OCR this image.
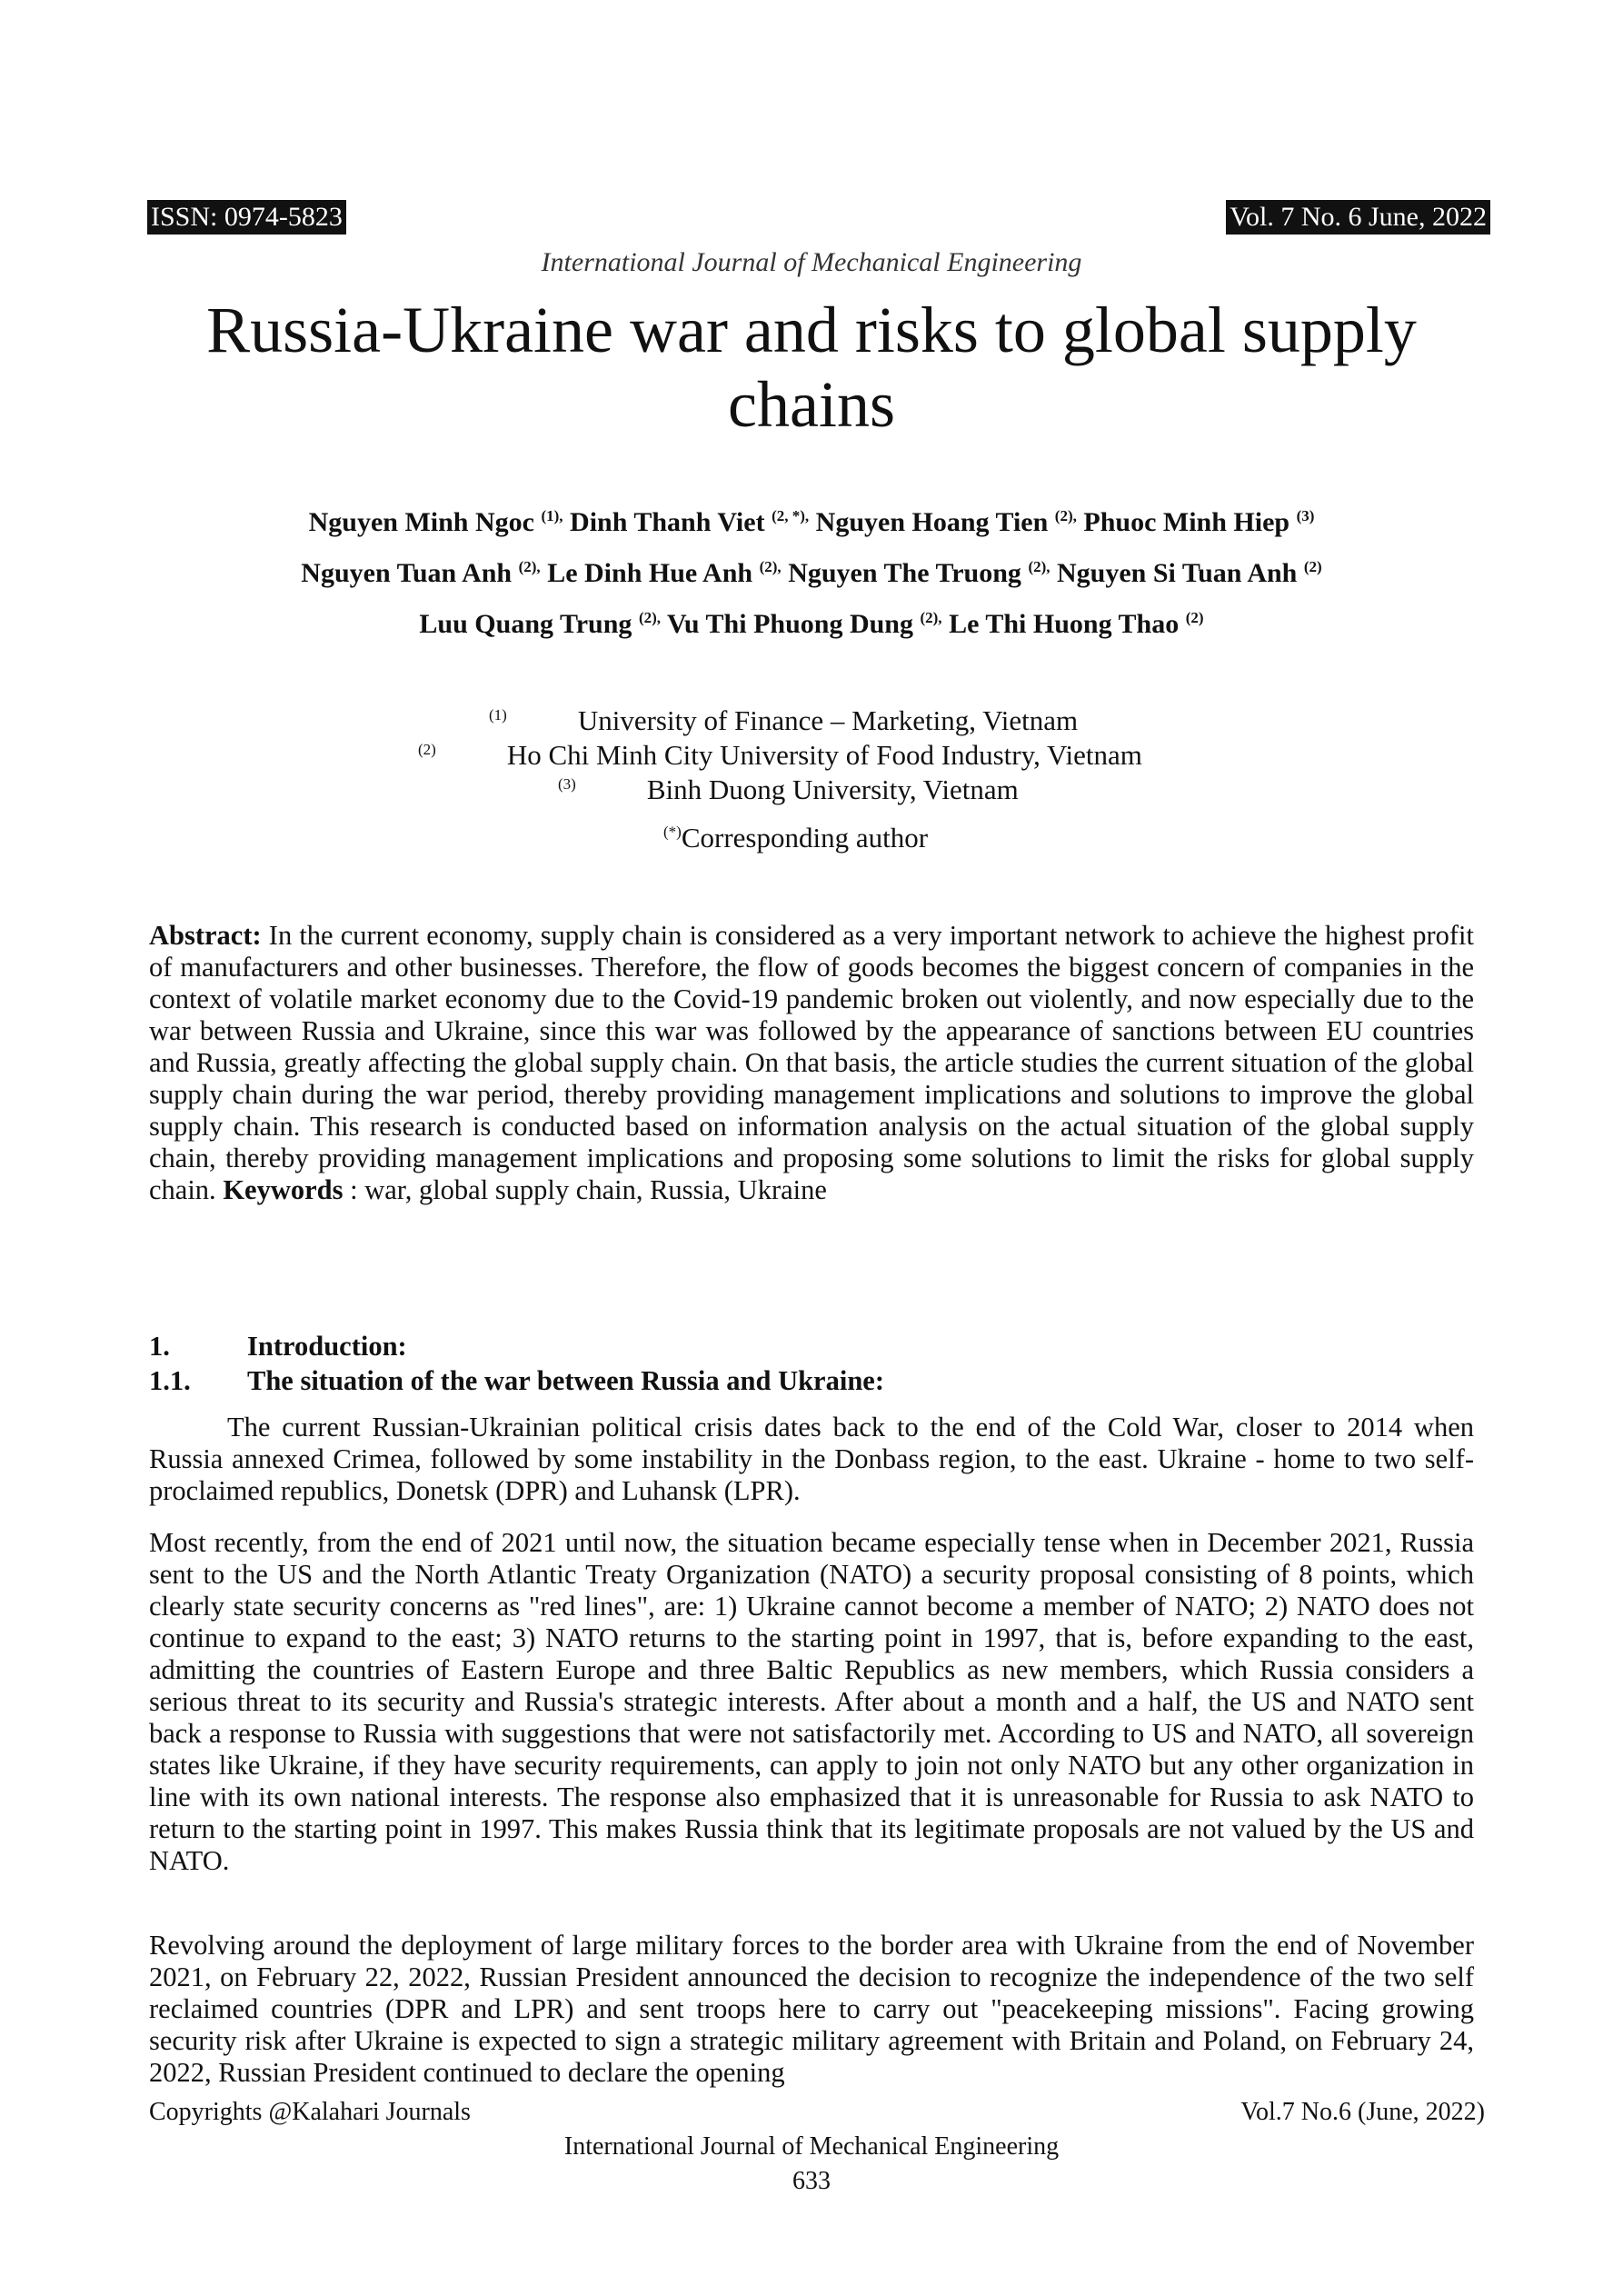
ISSN: 0974-5823	Vol. 7 No. 6 June, 2022
International Journal of Mechanical Engineering
Russia-Ukraine war and risks to global supply
chains
Nguyen Minh Ngoc $^{(1),}$ Dinh Thanh Viet $^{(2, *),}$ Nguyen Hoang Tien $^{(2),}$ Phuoc Minh Hiep $^{(3)}$
Nguyen Tuan Anh $^{(2),}$ Le Dinh Hue Anh $^{(2),}$ Nguyen The Truong $^{(2),}$ Nguyen Si Tuan Anh $^{(2)}$
Luu Quang Trung $^{(2),}$ Vu Thi Phuong Dung $^{(2),}$ Le Thi Huong Thao $^{(2)}$
$^{(1)}$	University of Finance – Marketing, Vietnam
$^{(2)}$	Ho Chi Minh City University of Food Industry, Vietnam
$^{(3)}$	Binh Duong University, Vietnam
(*)Corresponding author
Abstract: In the current economy, supply chain is considered as a very important network to achieve the highest profit of manufacturers and other businesses. Therefore, the flow of goods becomes the biggest concern of companies in the context of volatile market economy due to the Covid-19 pandemic broken out violently, and now especially due to the war between Russia and Ukraine, since this war was followed by the appearance of sanctions between EU countries and Russia, greatly affecting the global supply chain. On that basis, the article studies the current situation of the global supply chain during the war period, thereby providing management implications and solutions to improve the global supply chain. This research is conducted based on information analysis on the actual situation of the global supply chain, thereby providing management implications and proposing some solutions to limit the risks for global supply chain. Keywords : war, global supply chain, Russia, Ukraine
1.	Introduction:
1.1. The situation of the war between Russia and Ukraine:
The current Russian-Ukrainian political crisis dates back to the end of the Cold War, closer to 2014 when Russia annexed Crimea, followed by some instability in the Donbass region, to the east. Ukraine - home to two self-proclaimed republics, Donetsk (DPR) and Luhansk (LPR).
Most recently, from the end of 2021 until now, the situation became especially tense when in December 2021, Russia sent to the US and the North Atlantic Treaty Organization (NATO) a security proposal consisting of 8 points, which clearly state security concerns as "red lines", are: 1) Ukraine cannot become a member of NATO; 2) NATO does not continue to expand to the east; 3) NATO returns to the starting point in 1997, that is, before expanding to the east, admitting the countries of Eastern Europe and three Baltic Republics as new members, which Russia considers a serious threat to its security and Russia's strategic interests. After about a month and a half, the US and NATO sent back a response to Russia with suggestions that were not satisfactorily met. According to US and NATO, all sovereign states like Ukraine, if they have security requirements, can apply to join not only NATO but any other organization in line with its own national interests. The response also emphasized that it is unreasonable for Russia to ask NATO to return to the starting point in 1997. This makes Russia think that its legitimate proposals are not valued by the US and NATO.
Revolving around the deployment of large military forces to the border area with Ukraine from the end of November 2021, on February 22, 2022, Russian President announced the decision to recognize the independence of the two self reclaimed countries (DPR and LPR) and sent troops here to carry out "peacekeeping missions". Facing growing security risk after Ukraine is expected to sign a strategic military agreement with Britain and Poland, on February 24, 2022, Russian President continued to declare the opening
Copyrights @Kalahari Journals	Vol.7 No.6 (June, 2022)
International Journal of Mechanical Engineering
633
